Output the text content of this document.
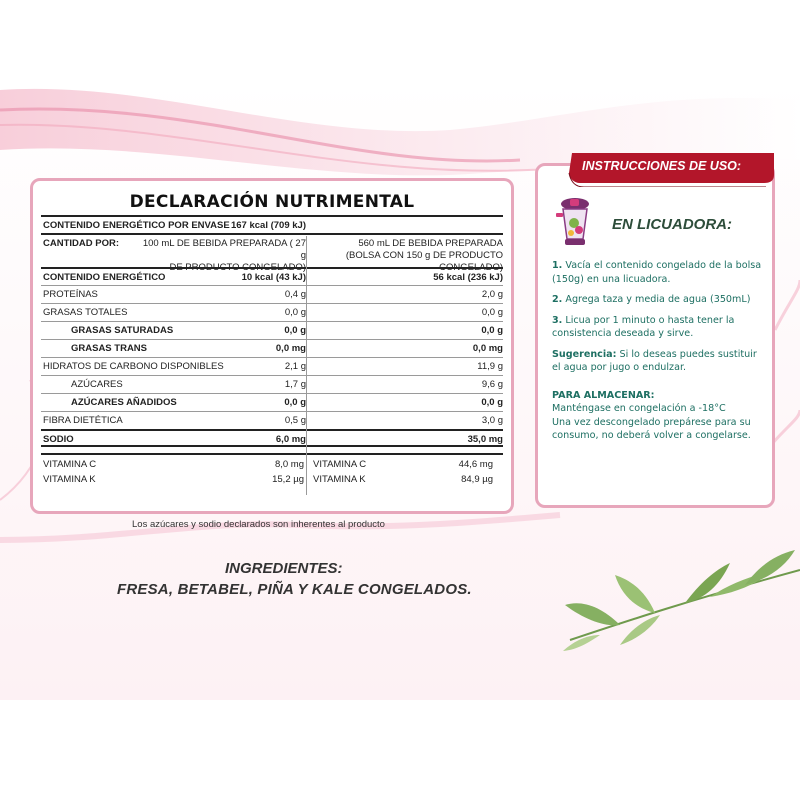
DECLARACIÓN NUTRIMENTAL
CONTENIDO ENERGÉTICO POR ENVASE 167 kcal (709 kJ)
CANTIDAD POR:	100 mL DE BEBIDA PREPARADA ( 27 g
DE PRODUCTO CONGELADO)
560 mL DE BEBIDA PREPARADA
(BOLSA CON 150 g DE PRODUCTO CONGELADO)
CONTENIDO ENERGÉTICO	10 kcal (43 kJ)	56 kcal (236 kJ)
PROTEÍNAS	0,4 g	2,0 g
GRASAS TOTALES	0,0 g	0,0 g
GRASAS SATURADAS	0,0 g	0,0 g
GRASAS TRANS	0,0 mg	0,0 mg
HIDRATOS DE CARBONO DISPONIBLES	2,1 g	11,9 g
AZÚCARES	1,7 g	9,6 g
AZÚCARES AÑADIDOS	0,0 g	0,0 g
FIBRA DIETÉTICA	0,5 g	3,0 g
SODIO	6,0 mg	35,0 mg
VITAMINA C	8,0 mg
VITAMINA K	15,2 µg
VITAMINA C	44,6 mg
VITAMINA K	84,9 µg
Los azúcares y sodio declarados son inherentes al producto
INGREDIENTES:
FRESA, BETABEL, PIÑA Y KALE CONGELADOS.
INSTRUCCIONES DE USO:
EN LICUADORA:

1. Vacía el contenido congelado de la bolsa (150g) en una licuadora.

2. Agrega taza y media de agua (350mL)

3. Licua por 1 minuto o hasta tener la consistencia deseada y sirve.

Sugerencia: Si lo deseas puedes sustituir el agua por jugo o endulzar.

PARA ALMACENAR:
Manténgase en congelación a -18°C
Una vez descongelado prepárese para su consumo, no deberá volver a congelarse.
